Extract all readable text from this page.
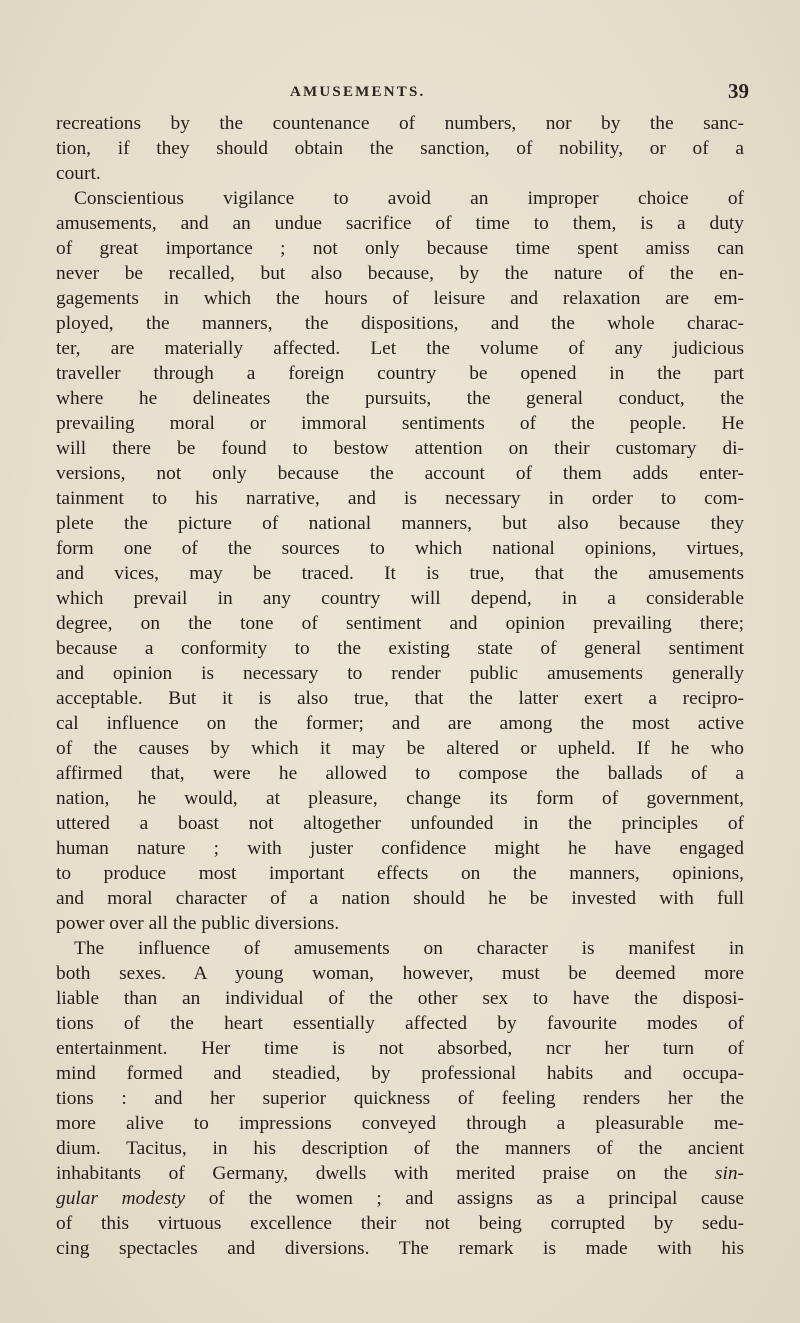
AMUSEMENTS.	39
recreations by the countenance of numbers, nor by the sanc-
tion, if they should obtain the sanction, of nobility, or of a
court.
Conscientious vigilance to avoid an improper choice of
amusements, and an undue sacrifice of time to them, is a duty
of great importance ; not only because time spent amiss can
never be recalled, but also because, by the nature of the en-
gagements in which the hours of leisure and relaxation are em-
ployed, the manners, the dispositions, and the whole charac-
ter, are materially affected. Let the volume of any judicious
traveller through a foreign country be opened in the part
where he delineates the pursuits, the general conduct, the
prevailing moral or immoral sentiments of the people. He
will there be found to bestow attention on their customary di-
versions, not only because the account of them adds enter-
tainment to his narrative, and is necessary in order to com-
plete the picture of national manners, but also because they
form one of the sources to which national opinions, virtues,
and vices, may be traced. It is true, that the amusements
which prevail in any country will depend, in a considerable
degree, on the tone of sentiment and opinion prevailing there;
because a conformity to the existing state of general sentiment
and opinion is necessary to render public amusements generally
acceptable. But it is also true, that the latter exert a recipro-
cal influence on the former; and are among the most active
of the causes by which it may be altered or upheld. If he who
affirmed that, were he allowed to compose the ballads of a
nation, he would, at pleasure, change its form of government,
uttered a boast not altogether unfounded in the principles of
human nature ; with juster confidence might he have engaged
to produce most important effects on the manners, opinions,
and moral character of a nation should he be invested with full
power over all the public diversions.
The influence of amusements on character is manifest in
both sexes. A young woman, however, must be deemed more
liable than an individual of the other sex to have the disposi-
tions of the heart essentially affected by favourite modes of
entertainment. Her time is not absorbed, ncr her turn of
mind formed and steadied, by professional habits and occupa-
tions : and her superior quickness of feeling renders her the
more alive to impressions conveyed through a pleasurable me-
dium. Tacitus, in his description of the manners of the ancient
inhabitants of Germany, dwells with merited praise on the sin-
gular modesty of the women ; and assigns as a principal cause
of this virtuous excellence their not being corrupted by sedu-
cing spectacles and diversions. The remark is made with his
